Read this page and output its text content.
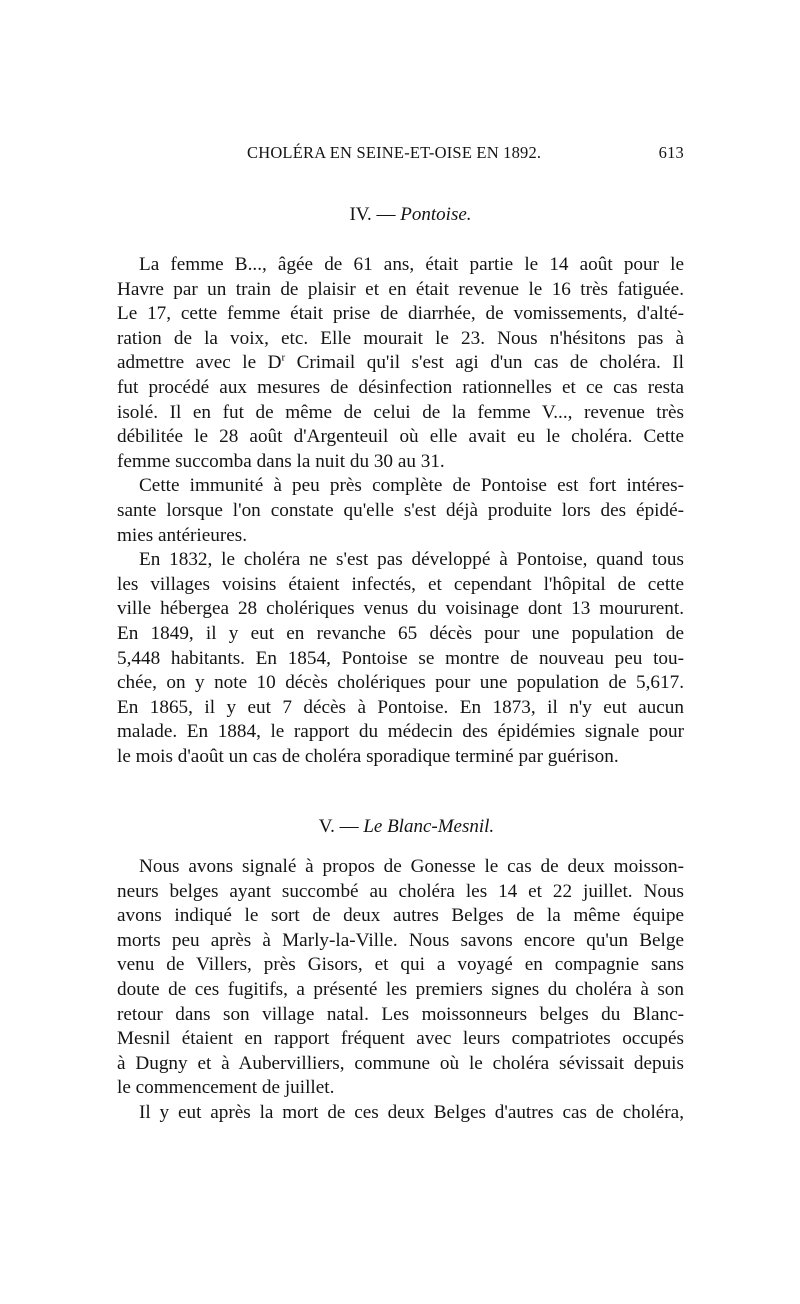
CHOLÉRA EN SEINE-ET-OISE EN 1892.	613
IV. — Pontoise.

La femme B..., âgée de 61 ans, était partie le 14 août pour le
Havre par un train de plaisir et en était revenue le 16 très fatiguée.
Le 17, cette femme était prise de diarrhée, de vomissements, d'alté-
ration de la voix, etc. Elle mourait le 23. Nous n'hésitons pas à
admettre avec le $D^r$ Crimail qu'il s'est agi d'un cas de choléra. Il
fut procédé aux mesures de désinfection rationnelles et ce cas resta
isolé. Il en fut de même de celui de la femme V..., revenue très
débilitée le 28 août d'Argenteuil où elle avait eu le choléra. Cette
femme succomba dans la nuit du 30 au 31.

Cette immunité à peu près complète de Pontoise est fort intéres-
sante lorsque l'on constate qu'elle s'est déjà produite lors des épidé-
mies antérieures.

En 1832, le choléra ne s'est pas développé à Pontoise, quand tous
les villages voisins étaient infectés, et cependant l'hôpital de cette
ville hébergea 28 cholériques venus du voisinage dont 13 moururent.
En 1849, il y eut en revanche 65 décès pour une population de
5,448 habitants. En 1854, Pontoise se montre de nouveau peu tou-
chée, on y note 10 décès cholériques pour une population de 5,617.
En 1865, il y eut 7 décès à Pontoise. En 1873, il n'y eut aucun
malade. En 1884, le rapport du médecin des épidémies signale pour
le mois d'août un cas de choléra sporadique terminé par guérison.

V. — Le Blanc-Mesnil.

Nous avons signalé à propos de Gonesse le cas de deux moisson-
neurs belges ayant succombé au choléra les 14 et 22 juillet. Nous
avons indiqué le sort de deux autres Belges de la même équipe
morts peu après à Marly-la-Ville. Nous savons encore qu'un Belge
venu de Villers, près Gisors, et qui a voyagé en compagnie sans
doute de ces fugitifs, a présenté les premiers signes du choléra à son
retour dans son village natal. Les moissonneurs belges du Blanc-
Mesnil étaient en rapport fréquent avec leurs compatriotes occupés
à Dugny et à Aubervilliers, commune où le choléra sévissait depuis
le commencement de juillet.

Il y eut après la mort de ces deux Belges d'autres cas de choléra,
